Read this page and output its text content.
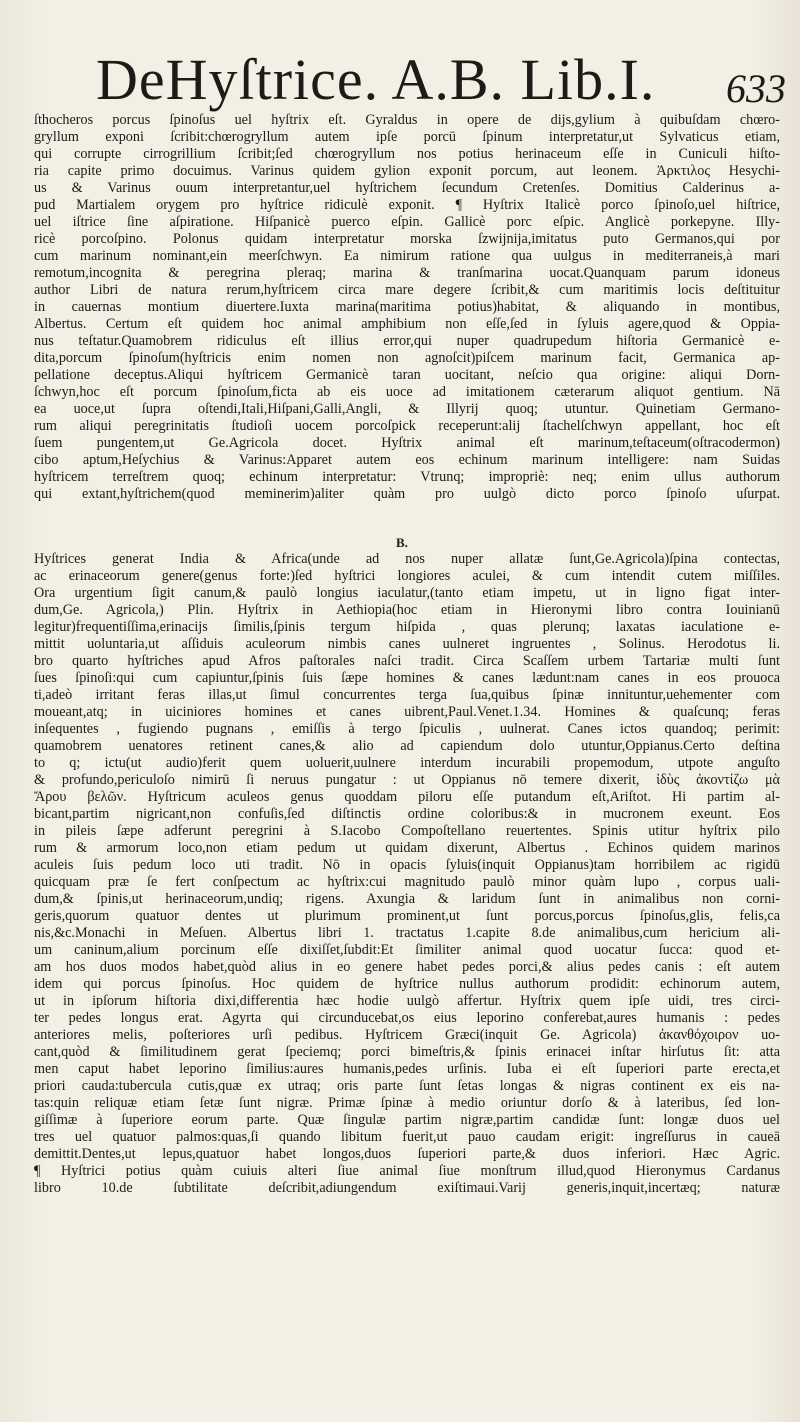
DeHyſtrice. A.B. Lib.I. 633
ſthocheros porcus ſpinoſus uel hyſtrix eſt. Gyraldus in opere de dijs,gylium à quibuſdam chœro-
gryllum exponi ſcribit:chœrogryllum autem ipſe porcū ſpinum interpretatur,ut Sylvaticus etiam,
qui corrupte cirrogrillium ſcribit;ſed chœrogryllum nos potius herinaceum eſſe in Cuniculi hiſto-
ria capite primo docuimus. Varinus quidem gylion exponit porcum, aut leonem. Ἀρκτιλος Hesychi-
us & Varinus ouum interpretantur,uel hyſtrichem ſecundum Cretenſes. Domitius Calderinus a-
pud Martialem orygem pro hyſtrice ridiculè exponit. ¶ Hyſtrix Italicè porco ſpinoſo,uel hiſtrice,
uel iſtrice ſine aſpiratione. Hiſpanicè puerco eſpin. Gallicè porc eſpic. Anglicè porkepyne. Illy-
ricè porcoſpino. Polonus quidam interpretatur morska ſzwijnija,imitatus puto Germanos,qui por
cum marinum nominant,ein meerſchwyn. Ea nimirum ratione qua uulgus in mediterraneis,à mari
remotum,incognita & peregrina pleraq; marina & tranſmarina uocat.Quanquam parum idoneus
author Libri de natura rerum,hyſtricem circa mare degere ſcribit,& cum maritimis locis deſtituitur
in cauernas montium diuertere.Iuxta marina(maritima potius)habitat, & aliquando in montibus,
Albertus. Certum eſt quidem hoc animal amphibium non eſſe,ſed in ſyluis agere,quod & Oppia-
nus teſtatur.Quamobrem ridiculus eſt illius error,qui nuper quadrupedum hiſtoria Germanicè e-
dita,porcum ſpinoſum(hyſtricis enim nomen non agnoſcit)piſcem marinum facit, Germanica ap-
pellatione deceptus.Aliqui hyſtricem Germanicè taran uocitant, neſcio qua origine: aliqui Dorn-
ſchwyn,hoc eſt porcum ſpinoſum,ficta ab eis uoce ad imitationem cæterarum aliquot gentium. Nā
ea uoce,ut ſupra oſtendi,Itali,Hiſpani,Galli,Angli, & Illyrij quoq; utuntur. Quinetiam Germano-
rum aliqui peregrinitatis ſtudioſi uocem porcoſpick receperunt:alij ſtachelſchwyn appellant, hoc eſt
ſuem pungentem,ut Ge.Agricola docet. Hyſtrix animal eſt marinum,teſtaceum(oſtracodermon)
cibo aptum,Heſychius & Varinus:Apparet autem eos echinum marinum intelligere: nam Suidas
hyſtricem terreſtrem quoq; echinum interpretatur: Vtrunq; impropriè: neq; enim ullus authorum
qui extant,hyſtrichem(quod meminerim)aliter quàm pro uulgò dicto porco ſpinoſo uſurpat.
B.
Hyſtrices generat India & Africa(unde ad nos nuper allatæ ſunt,Ge.Agricola)ſpina contectas,
ac erinaceorum genere(genus forte:)ſed hyſtrici longiores aculei, & cum intendit cutem miſſiles.
Ora urgentium ſigit canum,& paulò longius iaculatur,(tanto etiam impetu, ut in ligno figat inter-
dum,Ge. Agricola,) Plin. Hyſtrix in Aethiopia(hoc etiam in Hieronymi libro contra Iouinianū
legitur)frequentiſſima,erinacijs ſimilis,ſpinis tergum hiſpida , quas plerunq; laxatas iaculatione e-
mittit uoluntaria,ut aſſiduis aculeorum nimbis canes uulneret ingruentes , Solinus. Herodotus li.
bro quarto hyſtriches apud Afros paſtorales naſci tradit. Circa Scaſſem urbem Tartariæ multi ſunt
ſues ſpinoſi:qui cum capiuntur,ſpinis ſuis ſæpe homines & canes lædunt:nam canes in eos prouoca
ti,adeò irritant feras illas,ut ſimul concurrentes terga ſua,quibus ſpinæ innituntur,uehementer com
moueant,atq; in uiciniores homines et canes uibrent,Paul.Venet.1.34. Homines & quaſcunq; feras
inſequentes , fugiendo pugnans , emiſſis à tergo ſpiculis , uulnerat. Canes ictos quandoq; perimit:
quamobrem uenatores retinent canes,& alio ad capiendum dolo utuntur,Oppianus.Certo deſtina
to q; ictu(ut audio)ferit quem uoluerit,uulnere interdum incurabili propemodum, utpote anguſto
& profundo,periculoſo nimirū ſi neruus pungatur : ut Oppianus nō temere dixerit, ἰδὺς ἀκοντίζω μὰ
Ἄρου βελῶν. Hyſtricum aculeos genus quoddam piloru eſſe putandum eſt,Ariſtot. Hi partim al-
bicant,partim nigricant,non confuſis,ſed diſtinctis ordine coloribus:& in mucronem exeunt. Eos
in pileis ſæpe adferunt peregrini à S.Iacobo Compoſtellano reuertentes. Spinis utitur hyſtrix pilo
rum & armorum loco,non etiam pedum ut quidam dixerunt, Albertus . Echinos quidem marinos
aculeis ſuis pedum loco uti tradit. Nō in opacis ſyluis(inquit Oppianus)tam horribilem ac rigidū
quicquam præ ſe fert conſpectum ac hyſtrix:cui magnitudo paulò minor quàm lupo , corpus uali-
dum,& ſpinis,ut herinaceorum,undiq; rigens. Axungia & laridum ſunt in animalibus non corni-
geris,quorum quatuor dentes ut plurimum prominent,ut ſunt porcus,porcus ſpinoſus,glis, felis,ca
nis,&c.Monachi in Meſuen. Albertus libri 1. tractatus 1.capite 8.de animalibus,cum hericium ali-
um caninum,alium porcinum eſſe dixiſſet,ſubdit:Et ſimiliter animal quod uocatur ſucca: quod et-
am hos duos modos habet,quòd alius in eo genere habet pedes porci,& alius pedes canis : eſt autem
idem qui porcus ſpinoſus. Hoc quidem de hyſtrice nullus authorum prodidit: echinorum autem,
ut in ipſorum hiſtoria dixi,differentia hæc hodie uulgò affertur. Hyſtrix quem ipſe uidi, tres circi-
ter pedes longus erat. Agyrta qui circunducebat,os eius leporino conferebat,aures humanis : pedes
anteriores melis, poſteriores urſi pedibus. Hyſtricem Græci(inquit Ge. Agricola) ἀκανθόχοιρον uo-
cant,quòd & ſimilitudinem gerat ſpeciemq; porci bimeſtris,& ſpinis erinacei inſtar hirſutus ſit: atta
men caput habet leporino ſimilius:aures humanis,pedes urſinis. Iuba ei eſt ſuperiori parte erecta,et
priori cauda:tubercula cutis,quæ ex utraq; oris parte ſunt ſetas longas & nigras continent ex eis na-
tas:quin reliquæ etiam ſetæ ſunt nigræ. Primæ ſpinæ à medio oriuntur dorſo & à lateribus, ſed lon-
giſſimæ à ſuperiore eorum parte. Quæ ſingulæ partim nigræ,partim candidæ ſunt: longæ duos uel
tres uel quatuor palmos:quas,ſi quando libitum fuerit,ut pauo caudam erigit: ingreſſurus in caueā
demittit.Dentes,ut lepus,quatuor habet longos,duos ſuperiori parte,& duos inferiori. Hæc Agric.
¶ Hyſtrici potius quàm cuiuis alteri ſiue animal ſiue monſtrum illud,quod Hieronymus Cardanus
libro 10.de ſubtilitate deſcribit,adiungendum exiſtimaui.Varij generis,inquit,incertæq; naturæ
